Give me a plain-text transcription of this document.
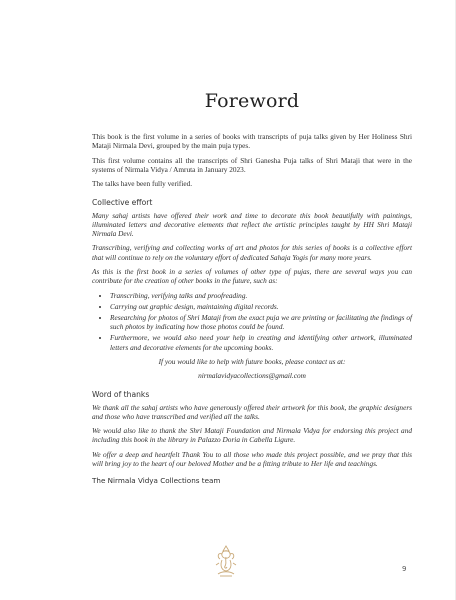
Foreword

This book is the first volume in a series of books with transcripts of puja talks given by Her Holiness Shri Mataji Nirmala Devi, grouped by the main puja types.

This first volume contains all the transcripts of Shri Ganesha Puja talks of Shri Mataji that were in the systems of Nirmala Vidya / Amruta in January 2023.

The talks have been fully verified.

Collective effort

Many sahaj artists have offered their work and time to decorate this book beautifully with paintings, illuminated letters and decorative elements that reflect the artistic principles taught by HH Shri Mataji Nirmala Devi.

Transcribing, verifying and collecting works of art and photos for this series of books is a collective effort that will continue to rely on the voluntary effort of dedicated Sahaja Yogis for many more years.

As this is the first book in a series of volumes of other type of pujas, there are several ways you can contribute for the creation of other books in the future, such as:

• Transcribing, verifying talks and proofreading.
• Carrying out graphic design, maintaining digital records.
• Researching for photos of Shri Mataji from the exact puja we are printing or facilitating the findings of such photos by indicating how those photos could be found.
• Furthermore, we would also need your help in creating and identifying other artwork, illuminated letters and decorative elements for the upcoming books.

If you would like to help with future books, please contact us at:

nirmalavidyacollections@gmail.com

Word of thanks

We thank all the sahaj artists who have generously offered their artwork for this book, the graphic designers and those who have transcribed and verified all the talks.

We would also like to thank the Shri Mataji Foundation and Nirmala Vidya for endorsing this project and including this book in the library in Palazzo Doria in Cabella Ligure.

We offer a deep and heartfelt Thank You to all those who made this project possible, and we pray that this will bring joy to the heart of our beloved Mother and be a fitting tribute to Her life and teachings.

The Nirmala Vidya Collections team

9
